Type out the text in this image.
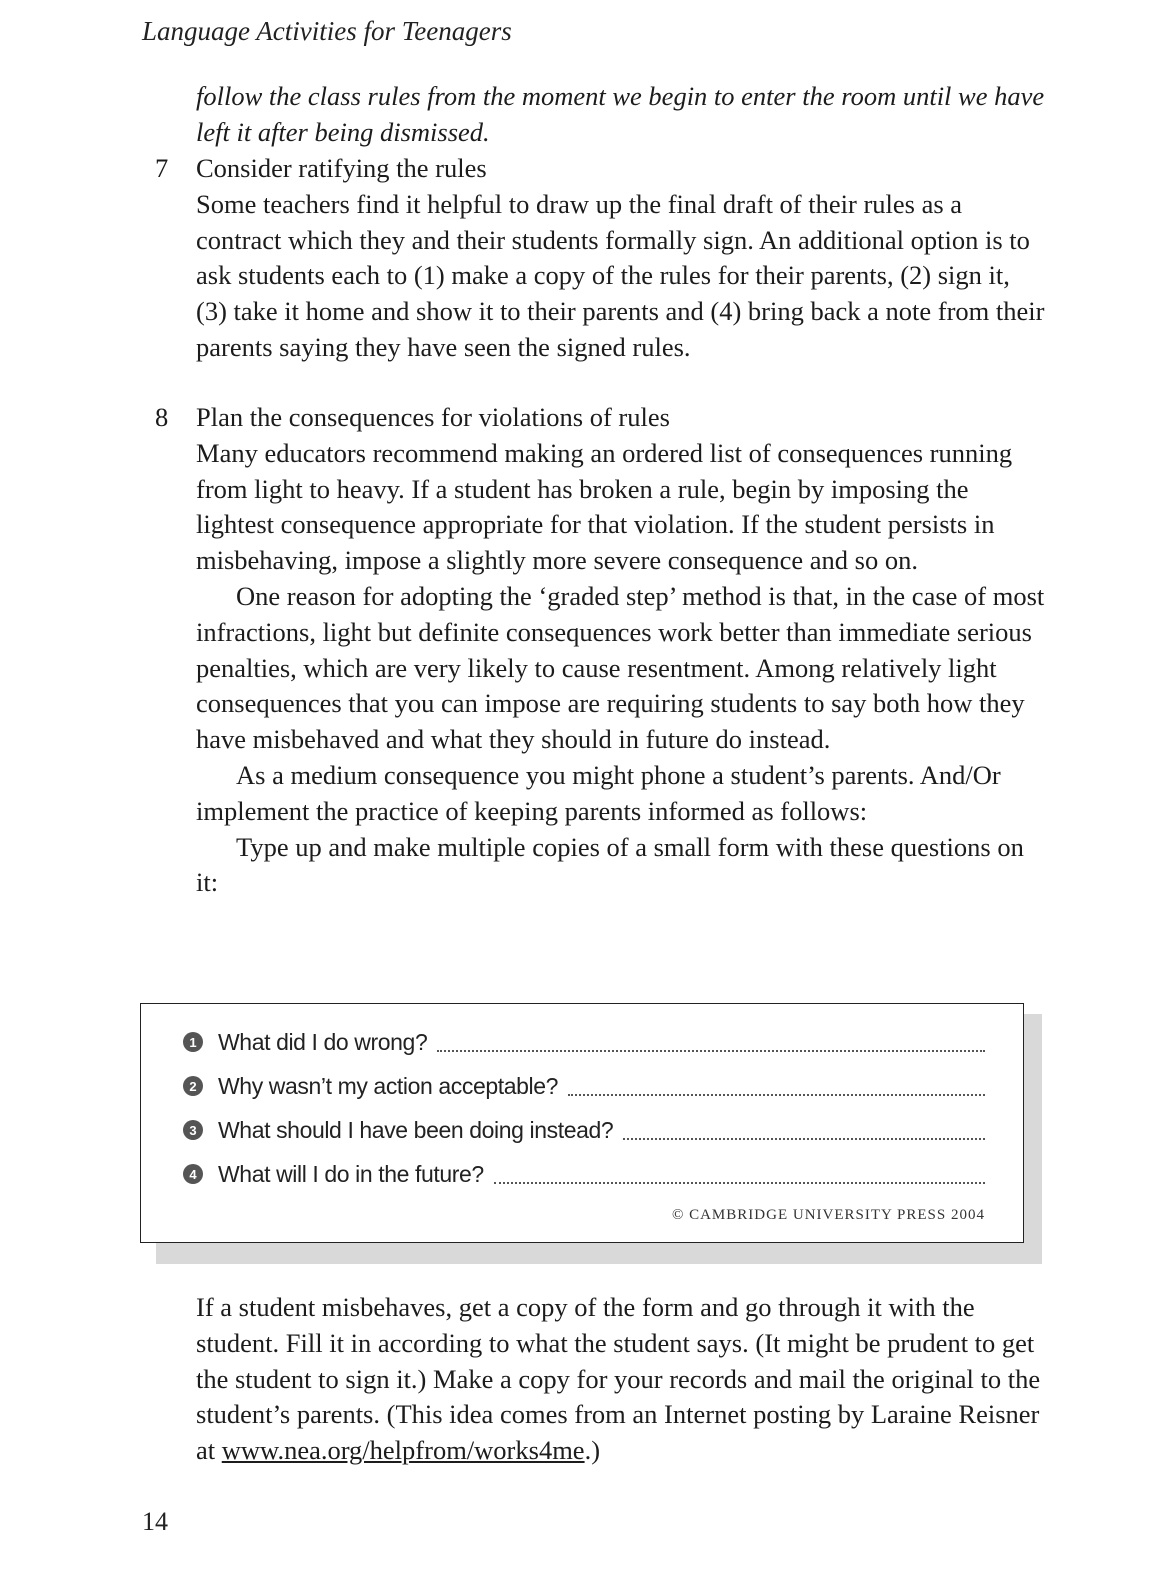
Language Activities for Teenagers
follow the class rules from the moment we begin to enter the room until we have left it after being dismissed.
7 Consider ratifying the rules

Some teachers find it helpful to draw up the final draft of their rules as a contract which they and their students formally sign. An additional option is to ask students each to (1) make a copy of the rules for their parents, (2) sign it, (3) take it home and show it to their parents and (4) bring back a note from their parents saying they have seen the signed rules.

8 Plan the consequences for violations of rules

Many educators recommend making an ordered list of consequences running from light to heavy. If a student has broken a rule, begin by imposing the lightest consequence appropriate for that violation. If the student persists in misbehaving, impose a slightly more severe consequence and so on.

One reason for adopting the ‘graded step’ method is that, in the case of most infractions, light but definite consequences work better than immediate serious penalties, which are very likely to cause resentment. Among relatively light consequences that you can impose are requiring students to say both how they have misbehaved and what they should in future do instead.

As a medium consequence you might phone a student’s parents. And/Or implement the practice of keeping parents informed as follows:

Type up and make multiple copies of a small form with these questions on it:

1 What did I do wrong?
2 Why wasn’t my action acceptable?
3 What should I have been doing instead?
4 What will I do in the future?
© CAMBRIDGE UNIVERSITY PRESS 2004
If a student misbehaves, get a copy of the form and go through it with the student. Fill it in according to what the student says. (It might be prudent to get the student to sign it.) Make a copy for your records and mail the original to the student’s parents. (This idea comes from an Internet posting by Laraine Reisner at www.nea.org/helpfrom/works4me.)
14
